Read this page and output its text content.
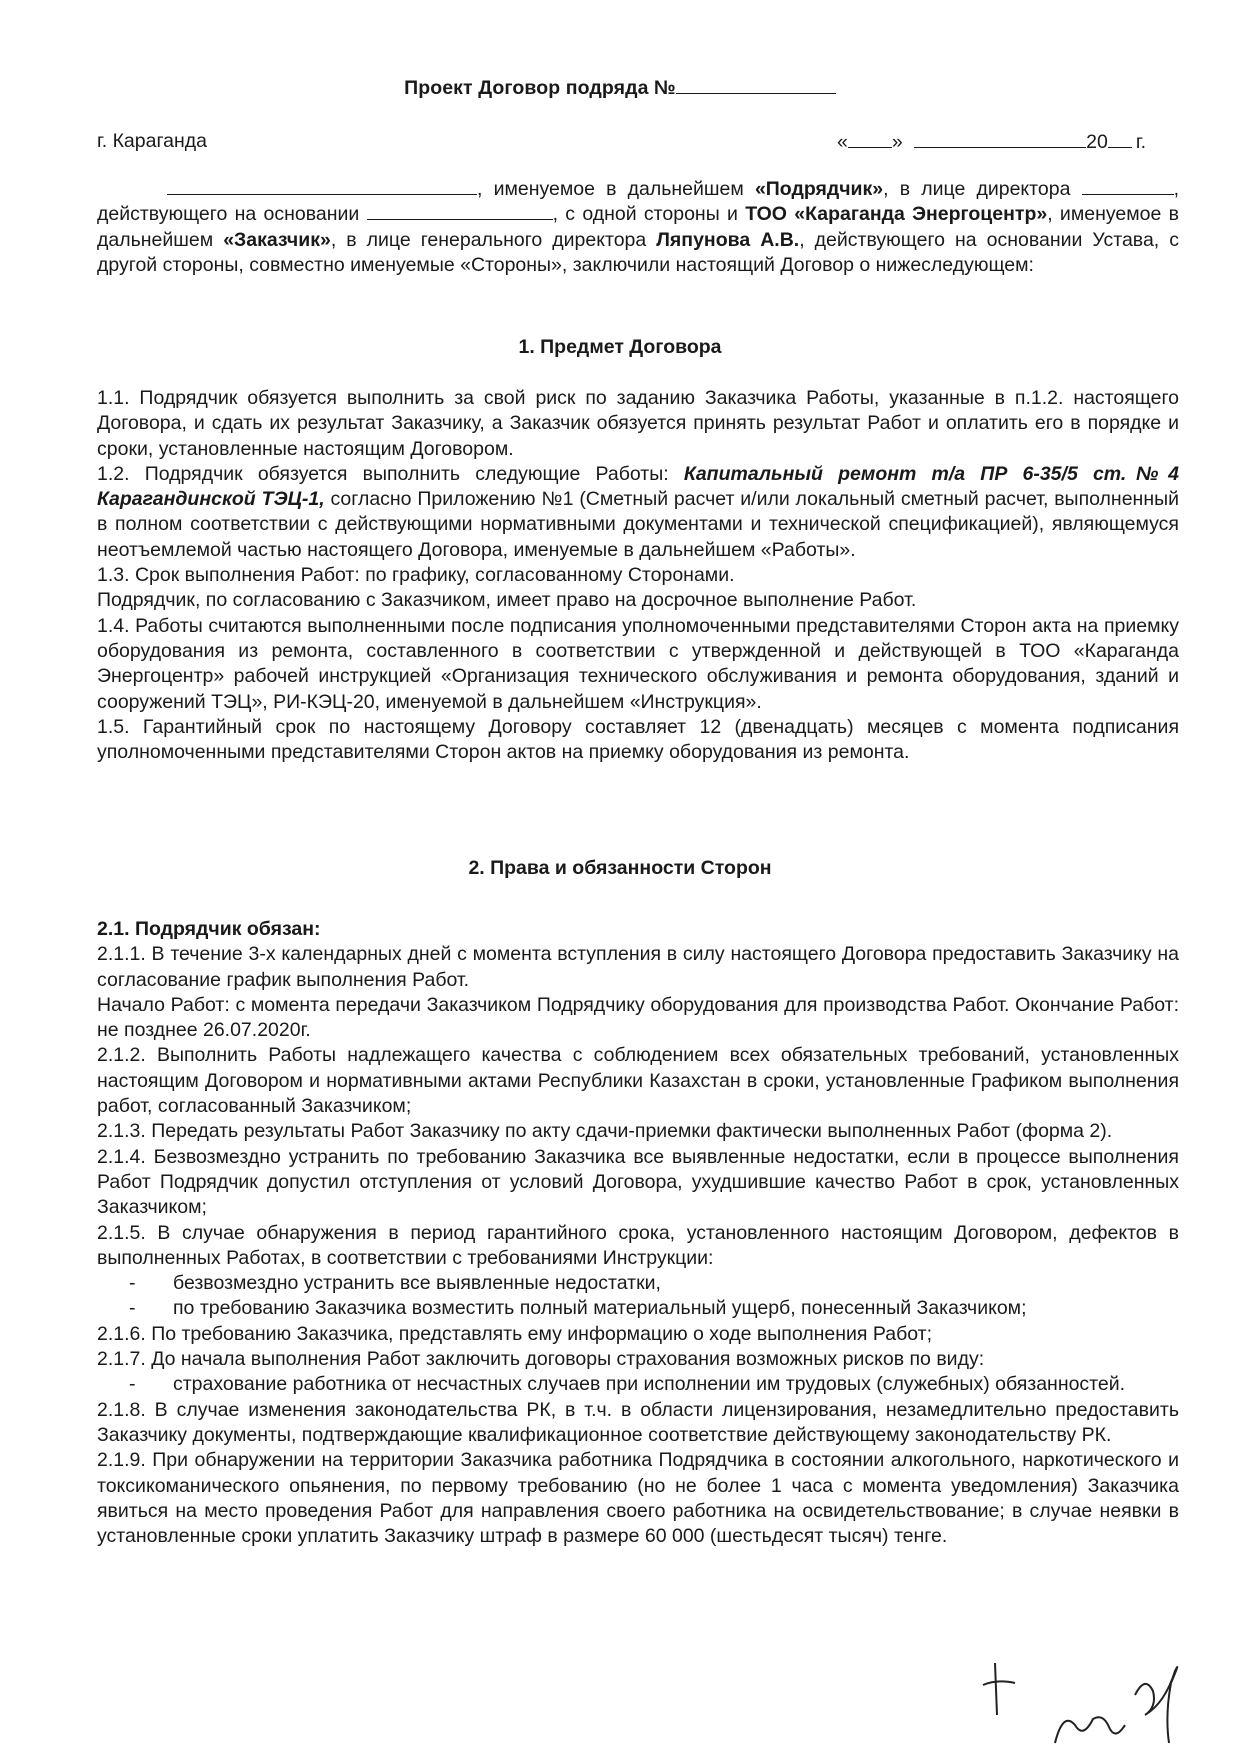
Проект Договор подряда №
г. Караганда	« »	20 г.

, именуемое в дальнейшем «Подрядчик», в лице директора	, действующего на основании	, с одной стороны и ТОО «Караганда Энергоцентр», именуемое в дальнейшем «Заказчик», в лице генерального директора Ляпунова А.В., действующего на основании Устава, с другой стороны, совместно именуемые «Стороны», заключили настоящий Договор о нижеследующем:

1. Предмет Договора

1.1. Подрядчик обязуется выполнить за свой риск по заданию Заказчика Работы, указанные в п.1.2. настоящего Договора, и сдать их результат Заказчику, а Заказчик обязуется принять результат Работ и оплатить его в порядке и сроки, установленные настоящим Договором.

1.2. Подрядчик обязуется выполнить следующие Работы: Капитальный ремонт т/а ПР 6-35/5 ст.№4 Карагандинской ТЭЦ-1, согласно Приложению №1 (Сметный расчет и/или локальный сметный расчет, выполненный в полном соответствии с действующими нормативными документами и технической спецификацией), являющемуся неотъемлемой частью настоящего Договора, именуемые в дальнейшем «Работы».

1.3. Срок выполнения Работ: по графику, согласованному Сторонами.

Подрядчик, по согласованию с Заказчиком, имеет право на досрочное выполнение Работ.

1.4. Работы считаются выполненными после подписания уполномоченными представителями Сторон акта на приемку оборудования из ремонта, составленного в соответствии с утвержденной и действующей в ТОО «Караганда Энергоцентр» рабочей инструкцией «Организация технического обслуживания и ремонта оборудования, зданий и сооружений ТЭЦ», РИ-КЭЦ-20, именуемой в дальнейшем «Инструкция».

1.5. Гарантийный срок по настоящему Договору составляет 12 (двенадцать) месяцев с момента подписания уполномоченными представителями Сторон актов на приемку оборудования из ремонта.

2. Права и обязанности Сторон

2.1. Подрядчик обязан:

2.1.1. В течение 3-х календарных дней с момента вступления в силу настоящего Договора предоставить Заказчику на согласование график выполнения Работ.

Начало Работ: с момента передачи Заказчиком Подрядчику оборудования для производства Работ. Окончание Работ: не позднее 26.07.2020г.

2.1.2. Выполнить Работы надлежащего качества с соблюдением всех обязательных требований, установленных настоящим Договором и нормативными актами Республики Казахстан в сроки, установленные Графиком выполнения работ, согласованный Заказчиком;

2.1.3. Передать результаты Работ Заказчику по акту сдачи-приемки фактически выполненных Работ (форма 2).

2.1.4. Безвозмездно устранить по требованию Заказчика все выявленные недостатки, если в процессе выполнения Работ Подрядчик допустил отступления от условий Договора, ухудшившие качество Работ в срок, установленных Заказчиком;

2.1.5. В случае обнаружения в период гарантийного срока, установленного настоящим Договором, дефектов в выполненных Работах, в соответствии с требованиями Инструкции:

- безвозмездно устранить все выявленные недостатки,

- по требованию Заказчика возместить полный материальный ущерб, понесенный Заказчиком;

2.1.6. По требованию Заказчика, представлять ему информацию о ходе выполнения Работ;

2.1.7. До начала выполнения Работ заключить договоры страхования возможных рисков по виду:

- страхование работника от несчастных случаев при исполнении им трудовых (служебных) обязанностей.

2.1.8. В случае изменения законодательства РК, в т.ч. в области лицензирования, незамедлительно предоставить Заказчику документы, подтверждающие квалификационное соответствие действующему законодательству РК.

2.1.9. При обнаружении на территории Заказчика работника Подрядчика в состоянии алкогольного, наркотического и токсикоманического опьянения, по первому требованию (но не более 1 часа с момента уведомления) Заказчика явиться на место проведения Работ для направления своего работника на освидетельствование; в случае неявки в установленные сроки уплатить Заказчику штраф в размере 60 000 (шестьдесят тысяч) тенге.
